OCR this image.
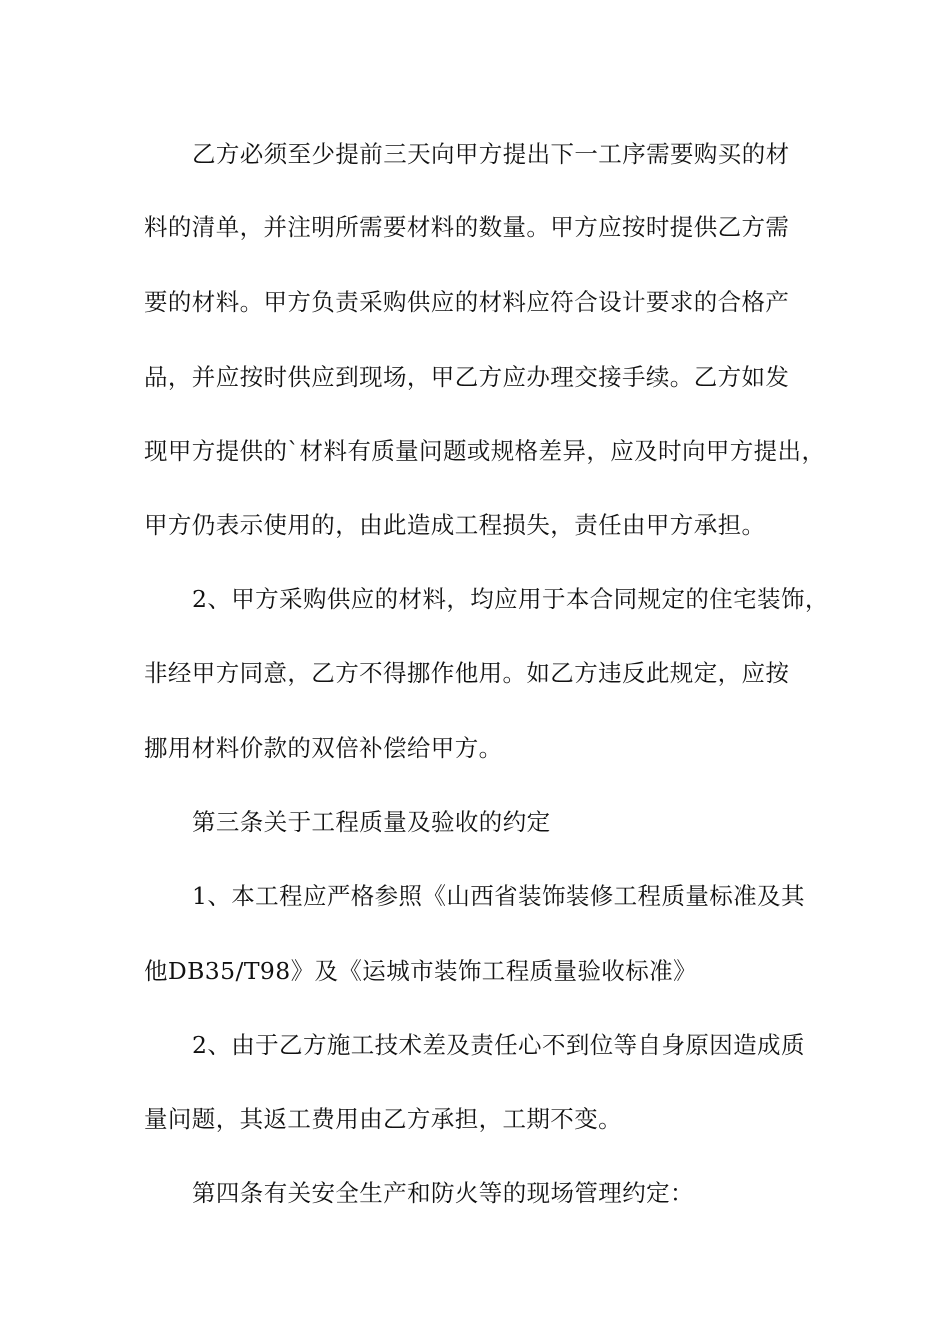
乙方必须至少提前三天向甲方提出下一工序需要购买的材
料的清单，并注明所需要材料的数量。甲方应按时提供乙方需
要的材料。甲方负责采购供应的材料应符合设计要求的合格产
品，并应按时供应到现场，甲乙方应办理交接手续。乙方如发
现甲方提供的`材料有质量问题或规格差异，应及时向甲方提出，
甲方仍表示使用的，由此造成工程损失，责任由甲方承担。
2、甲方采购供应的材料，均应用于本合同规定的住宅装饰，
非经甲方同意，乙方不得挪作他用。如乙方违反此规定，应按
挪用材料价款的双倍补偿给甲方。
第三条关于工程质量及验收的约定
1、本工程应严格参照《山西省装饰装修工程质量标准及其
他DB35/T98》及《运城市装饰工程质量验收标准》
2、由于乙方施工技术差及责任心不到位等自身原因造成质
量问题，其返工费用由乙方承担，工期不变。
第四条有关安全生产和防火等的现场管理约定：
